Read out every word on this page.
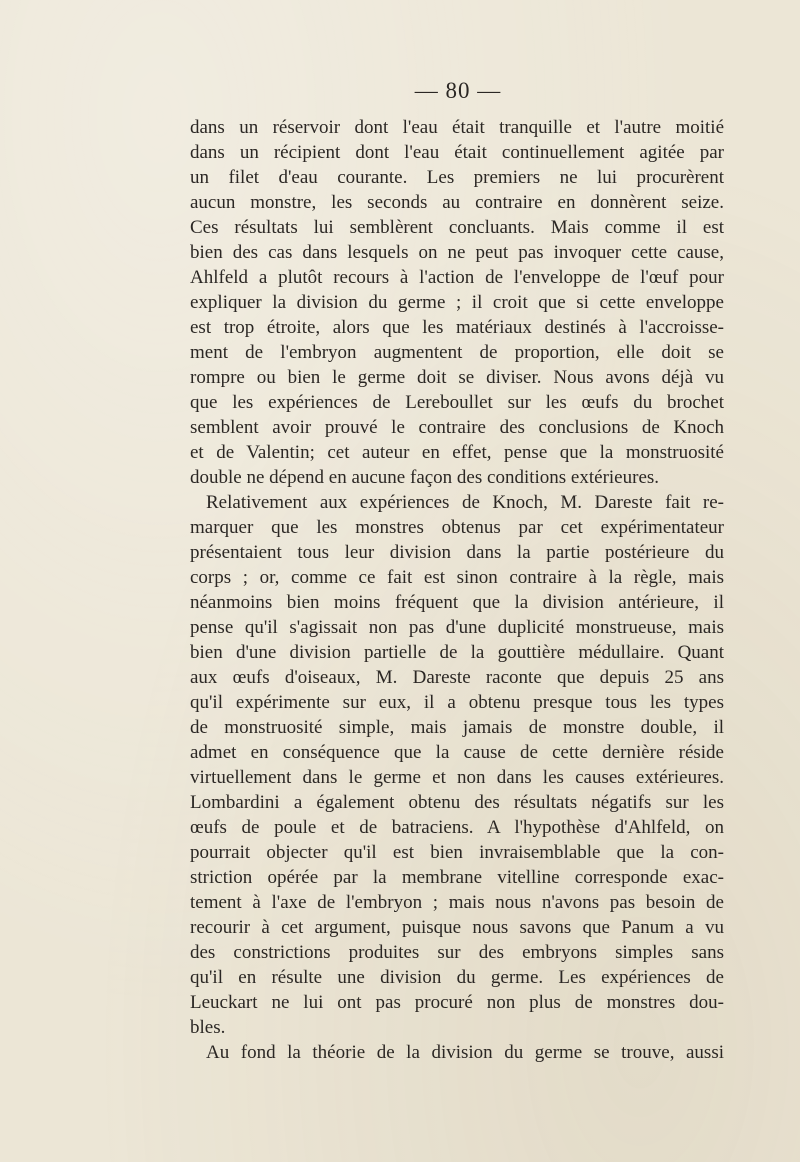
— 80 —
dans un réservoir dont l'eau était tranquille et l'autre moitié
dans un récipient dont l'eau était continuellement agitée par
un filet d'eau courante. Les premiers ne lui procurèrent
aucun monstre, les seconds au contraire en donnèrent seize.
Ces résultats lui semblèrent concluants. Mais comme il est
bien des cas dans lesquels on ne peut pas invoquer cette cause,
Ahlfeld a plutôt recours à l'action de l'enveloppe de l'œuf pour
expliquer la division du germe ; il croit que si cette enveloppe
est trop étroite, alors que les matériaux destinés à l'accroisse-
ment de l'embryon augmentent de proportion, elle doit se
rompre ou bien le germe doit se diviser. Nous avons déjà vu
que les expériences de Lereboullet sur les œufs du brochet
semblent avoir prouvé le contraire des conclusions de Knoch
et de Valentin; cet auteur en effet, pense que la monstruosité
double ne dépend en aucune façon des conditions extérieures.
Relativement aux expériences de Knoch, M. Dareste fait re-
marquer que les monstres obtenus par cet expérimentateur
présentaient tous leur division dans la partie postérieure du
corps ; or, comme ce fait est sinon contraire à la règle, mais
néanmoins bien moins fréquent que la division antérieure, il
pense qu'il s'agissait non pas d'une duplicité monstrueuse, mais
bien d'une division partielle de la gouttière médullaire. Quant
aux œufs d'oiseaux, M. Dareste raconte que depuis 25 ans
qu'il expérimente sur eux, il a obtenu presque tous les types
de monstruosité simple, mais jamais de monstre double, il
admet en conséquence que la cause de cette dernière réside
virtuellement dans le germe et non dans les causes extérieures.
Lombardini a également obtenu des résultats négatifs sur les
œufs de poule et de batraciens. A l'hypothèse d'Ahlfeld, on
pourrait objecter qu'il est bien invraisemblable que la con-
striction opérée par la membrane vitelline corresponde exac-
tement à l'axe de l'embryon ; mais nous n'avons pas besoin de
recourir à cet argument, puisque nous savons que Panum a vu
des constrictions produites sur des embryons simples sans
qu'il en résulte une division du germe. Les expériences de
Leuckart ne lui ont pas procuré non plus de monstres dou-
bles.
Au fond la théorie de la division du germe se trouve, aussi
